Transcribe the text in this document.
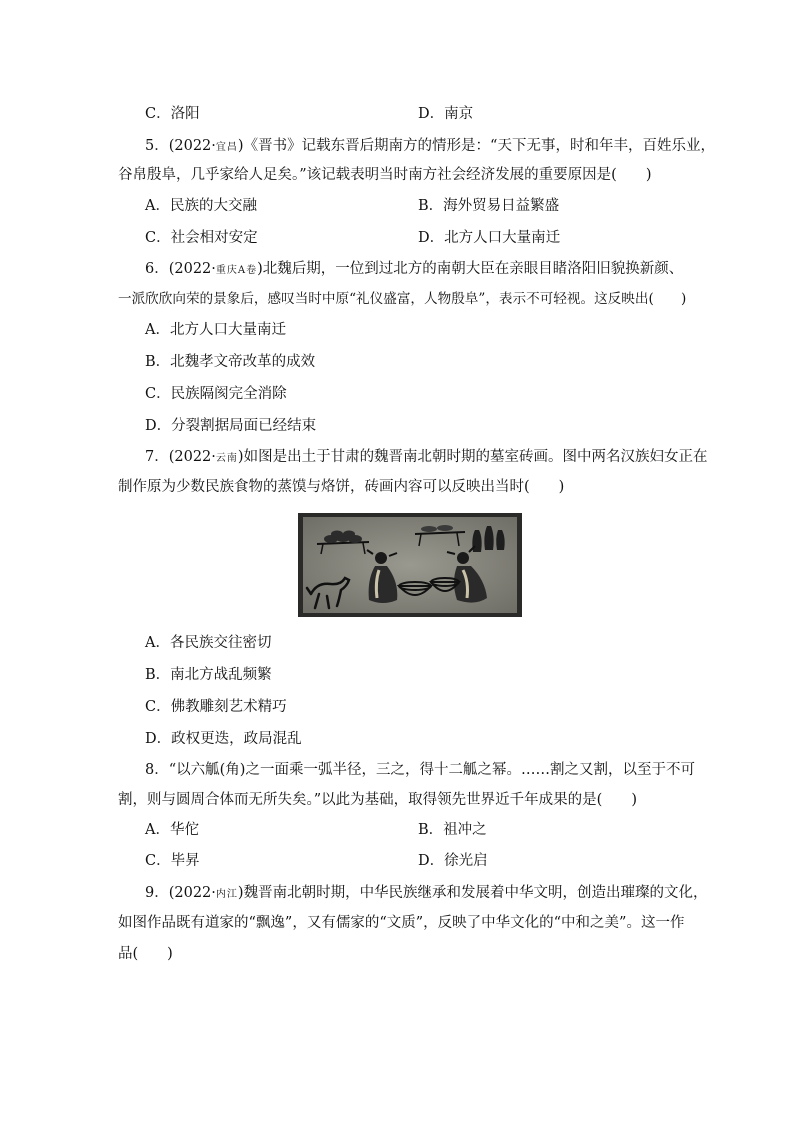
C．洛阳	D．南京
5．(2022·宜昌)《晋书》记载东晋后期南方的情形是：“天下无事，时和年丰，百姓乐业，
谷帛殷阜，几乎家给人足矣。”该记载表明当时南方社会经济发展的重要原因是(　　)
A．民族的大交融	B．海外贸易日益繁盛
C．社会相对安定	D．北方人口大量南迁
6．(2022·重庆A卷)北魏后期，一位到过北方的南朝大臣在亲眼目睹洛阳旧貌换新颜、
一派欣欣向荣的景象后，感叹当时中原“礼仪盛富，人物殷阜”，表示不可轻视。这反映出(　　)
A．北方人口大量南迁
B．北魏孝文帝改革的成效
C．民族隔阂完全消除
D．分裂割据局面已经结束
7．(2022·云南)如图是出土于甘肃的魏晋南北朝时期的墓室砖画。图中两名汉族妇女正在
制作原为少数民族食物的蒸馍与烙饼，砖画内容可以反映出当时(　　)
A．各民族交往密切
B．南北方战乱频繁
C．佛教雕刻艺术精巧
D．政权更迭，政局混乱
8．“以六觚(角)之一面乘一弧半径，三之，得十二觚之幂。……割之又割，以至于不可
割，则与圆周合体而无所失矣。”以此为基础，取得领先世界近千年成果的是(　　)
A．华佗	B．祖冲之
C．毕昇	D．徐光启
9．(2022·内江)魏晋南北朝时期，中华民族继承和发展着中华文明，创造出璀璨的文化，
如图作品既有道家的“飘逸”，又有儒家的“文质”，反映了中华文化的“中和之美”。这一作
品(　　)
